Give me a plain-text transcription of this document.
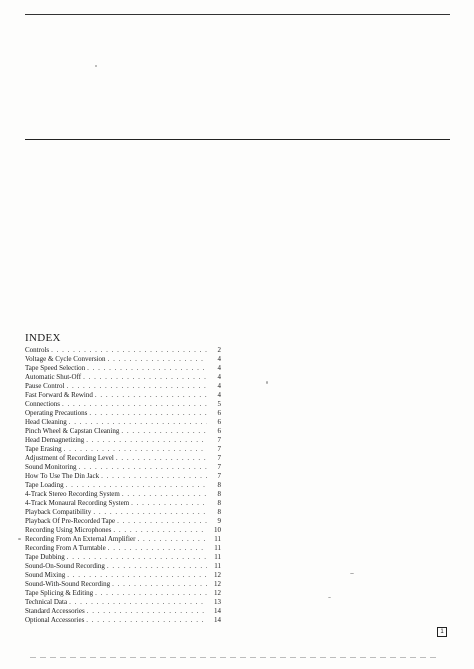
INDEX
Controls . . .	2
Voltage & Cycle Conversion . . .	4
Tape Speed Selection . . .	4
Automatic Shut-Off . . .	4
Pause Control . . .	4
Fast Forward & Rewind . . .	4
Connections . . .	5
Operating Precautions . . .	6
Head Cleaning . . .	6
Pinch Wheel & Capstan Cleaning . . .	6
Head Demagnetizing . . .	7
Tape Erasing . . .	7
Adjustment of Recording Level . . .	7
Sound Monitoring . . .	7
How To Use The Din Jack . . .	7
Tape Loading . . .	8
4-Track Stereo Recording System . . .	8
4-Track Monaural Recording System . . .	8
Playback Compatibility . . .	8
Playback Of Pre-Recorded Tape . . .	9
Recording Using Microphones . . .	10
Recording From An External Amplifier . . .	11
Recording From A Turntable . . .	11
Tape Dubbing . . .	11
Sound-On-Sound Recording . . .	11
Sound Mixing . . .	12
Sound-With-Sound Recording . . .	12
Tape Splicing & Editing . . .	12
Technical Data . . .	13
Standard Accessories . . .	14
Optional Accessories . . .	14
1
